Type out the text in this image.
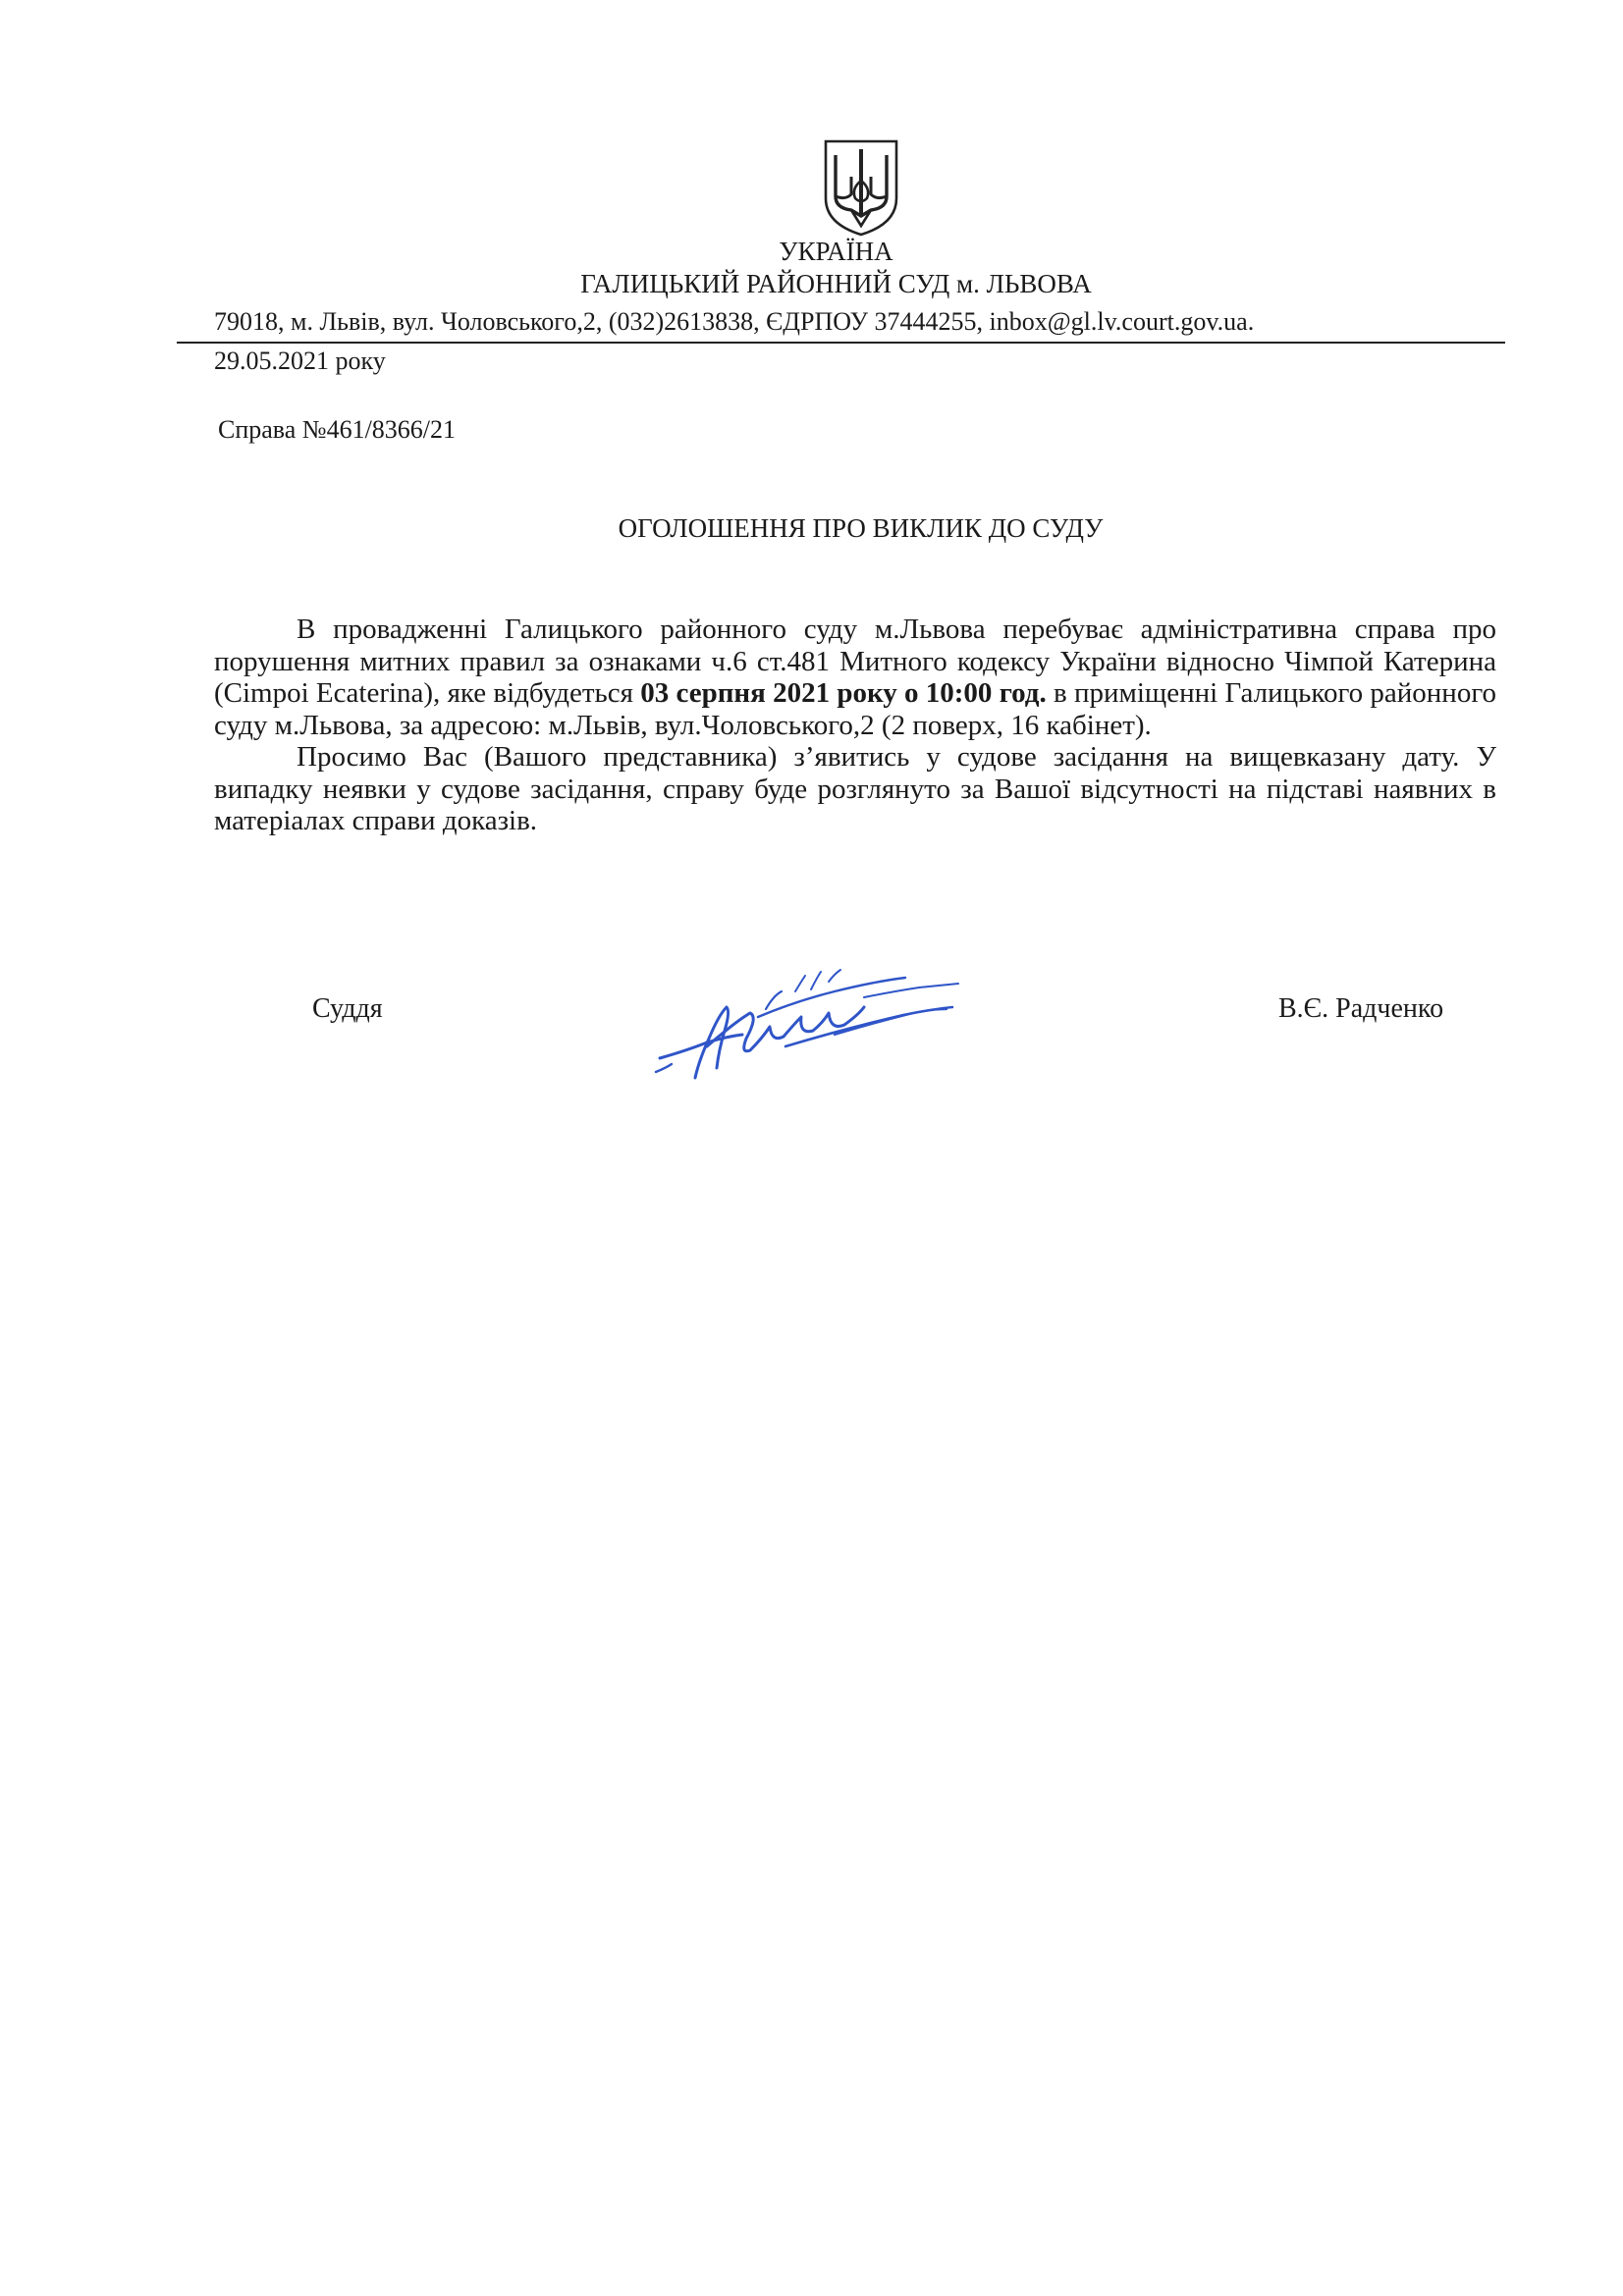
УКРАЇНА
ГАЛИЦЬКИЙ РАЙОННИЙ СУД м. ЛЬВОВА
79018, м. Львів, вул. Чоловського,2, (032)2613838, ЄДРПОУ 37444255, inbox@gl.lv.court.gov.ua.
29.05.2021 року
Справа №461/8366/21
ОГОЛОШЕННЯ ПРО ВИКЛИК ДО СУДУ

В провадженні Галицького районного суду м.Львова перебуває адміністративна справа про порушення митних правил за ознаками ч.6 ст.481 Митного кодексу України відносно Чімпой Катерина (Cimpoi Ecaterina), яке відбудеться 03 серпня 2021 року о 10:00 год. в приміщенні Галицького районного суду м.Львова, за адресою: м.Львів, вул.Чоловського,2 (2 поверх, 16 кабінет).

Просимо Вас (Вашого представника) з’явитись у судове засідання на вищевказану дату. У випадку неявки у судове засідання, справу буде розглянуто за Вашої відсутності на підставі наявних в матеріалах справи доказів.

Суддя	В.Є. Радченко
